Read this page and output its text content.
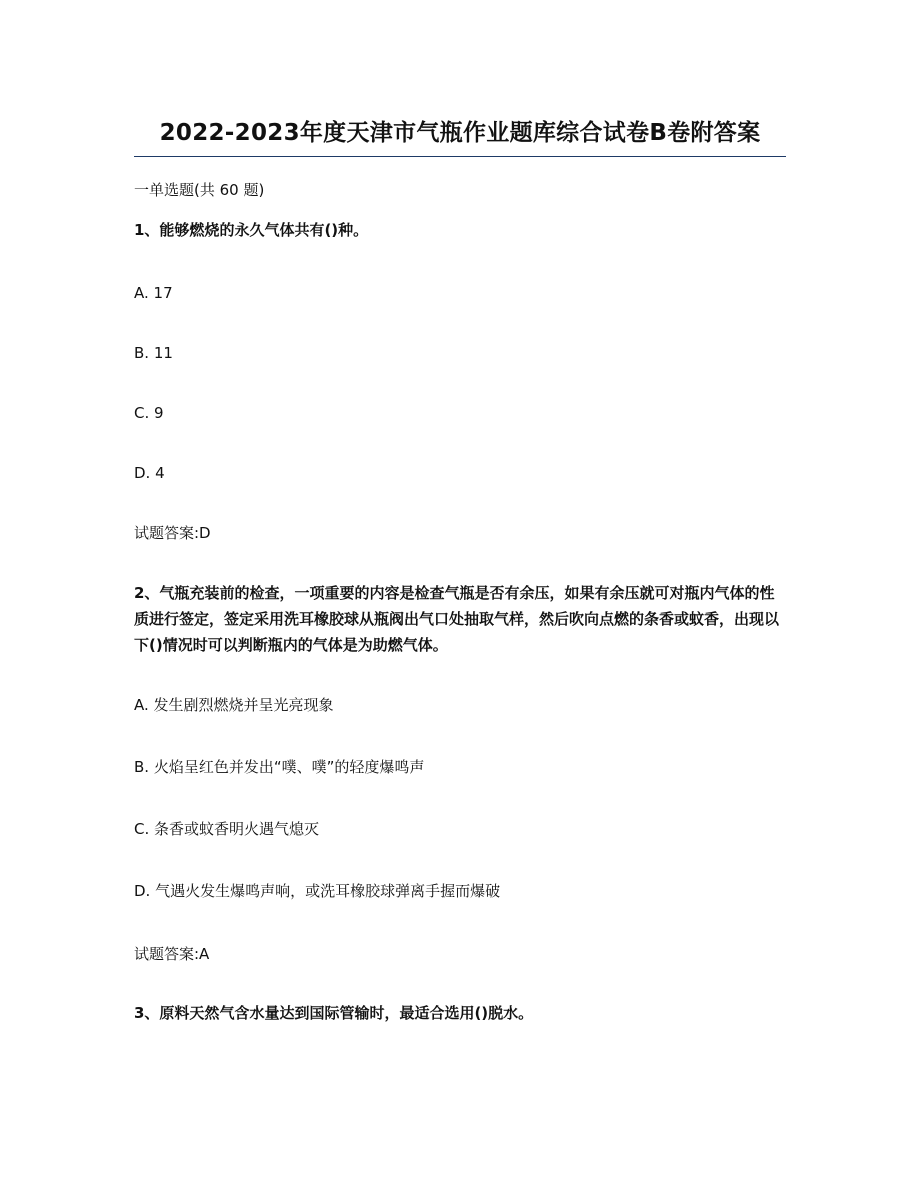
2022-2023年度天津市气瓶作业题库综合试卷B卷附答案

一单选题(共 60 题)

1、能够燃烧的永久气体共有()种。

A. 17

B. 11

C. 9

D. 4

试题答案:D

2、气瓶充装前的检查，一项重要的内容是检查气瓶是否有余压，如果有余压就可对瓶内气体的性质进行签定，签定采用洗耳橡胶球从瓶阀出气口处抽取气样，然后吹向点燃的条香或蚊香，出现以下()情况时可以判断瓶内的气体是为助燃气体。

A. 发生剧烈燃烧并呈光亮现象

B. 火焰呈红色并发出“噗、噗”的轻度爆鸣声

C. 条香或蚊香明火遇气熄灭

D. 气遇火发生爆鸣声响，或洗耳橡胶球弹离手握而爆破

试题答案:A

3、原料天然气含水量达到国际管输时，最适合选用()脱水。
